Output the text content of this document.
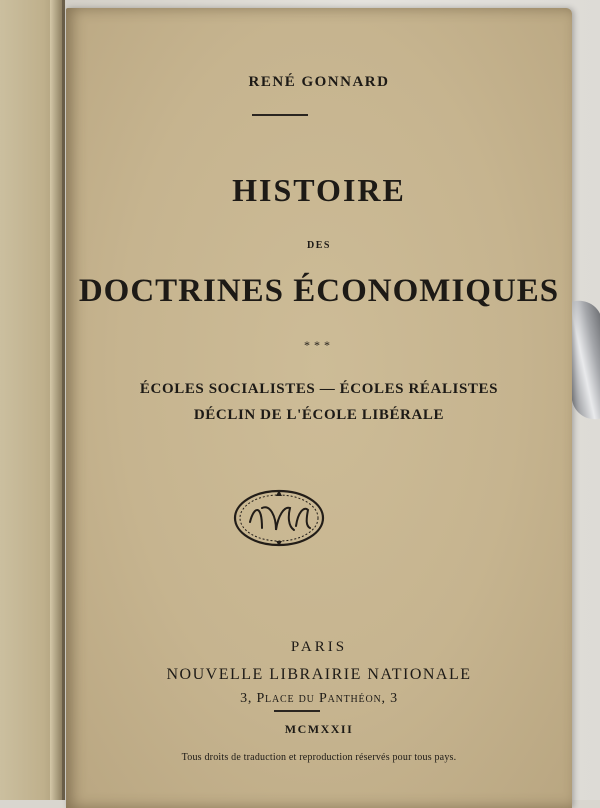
RENÉ GONNARD
HISTOIRE
DES
DOCTRINES ÉCONOMIQUES
***
ÉCOLES SOCIALISTES — ÉCOLES RÉALISTES
DÉCLIN DE L'ÉCOLE LIBÉRALE
PARIS
NOUVELLE LIBRAIRIE NATIONALE
3, Place du Panthéon, 3
MCMXXII
Tous droits de traduction et reproduction réservés pour tous pays.
